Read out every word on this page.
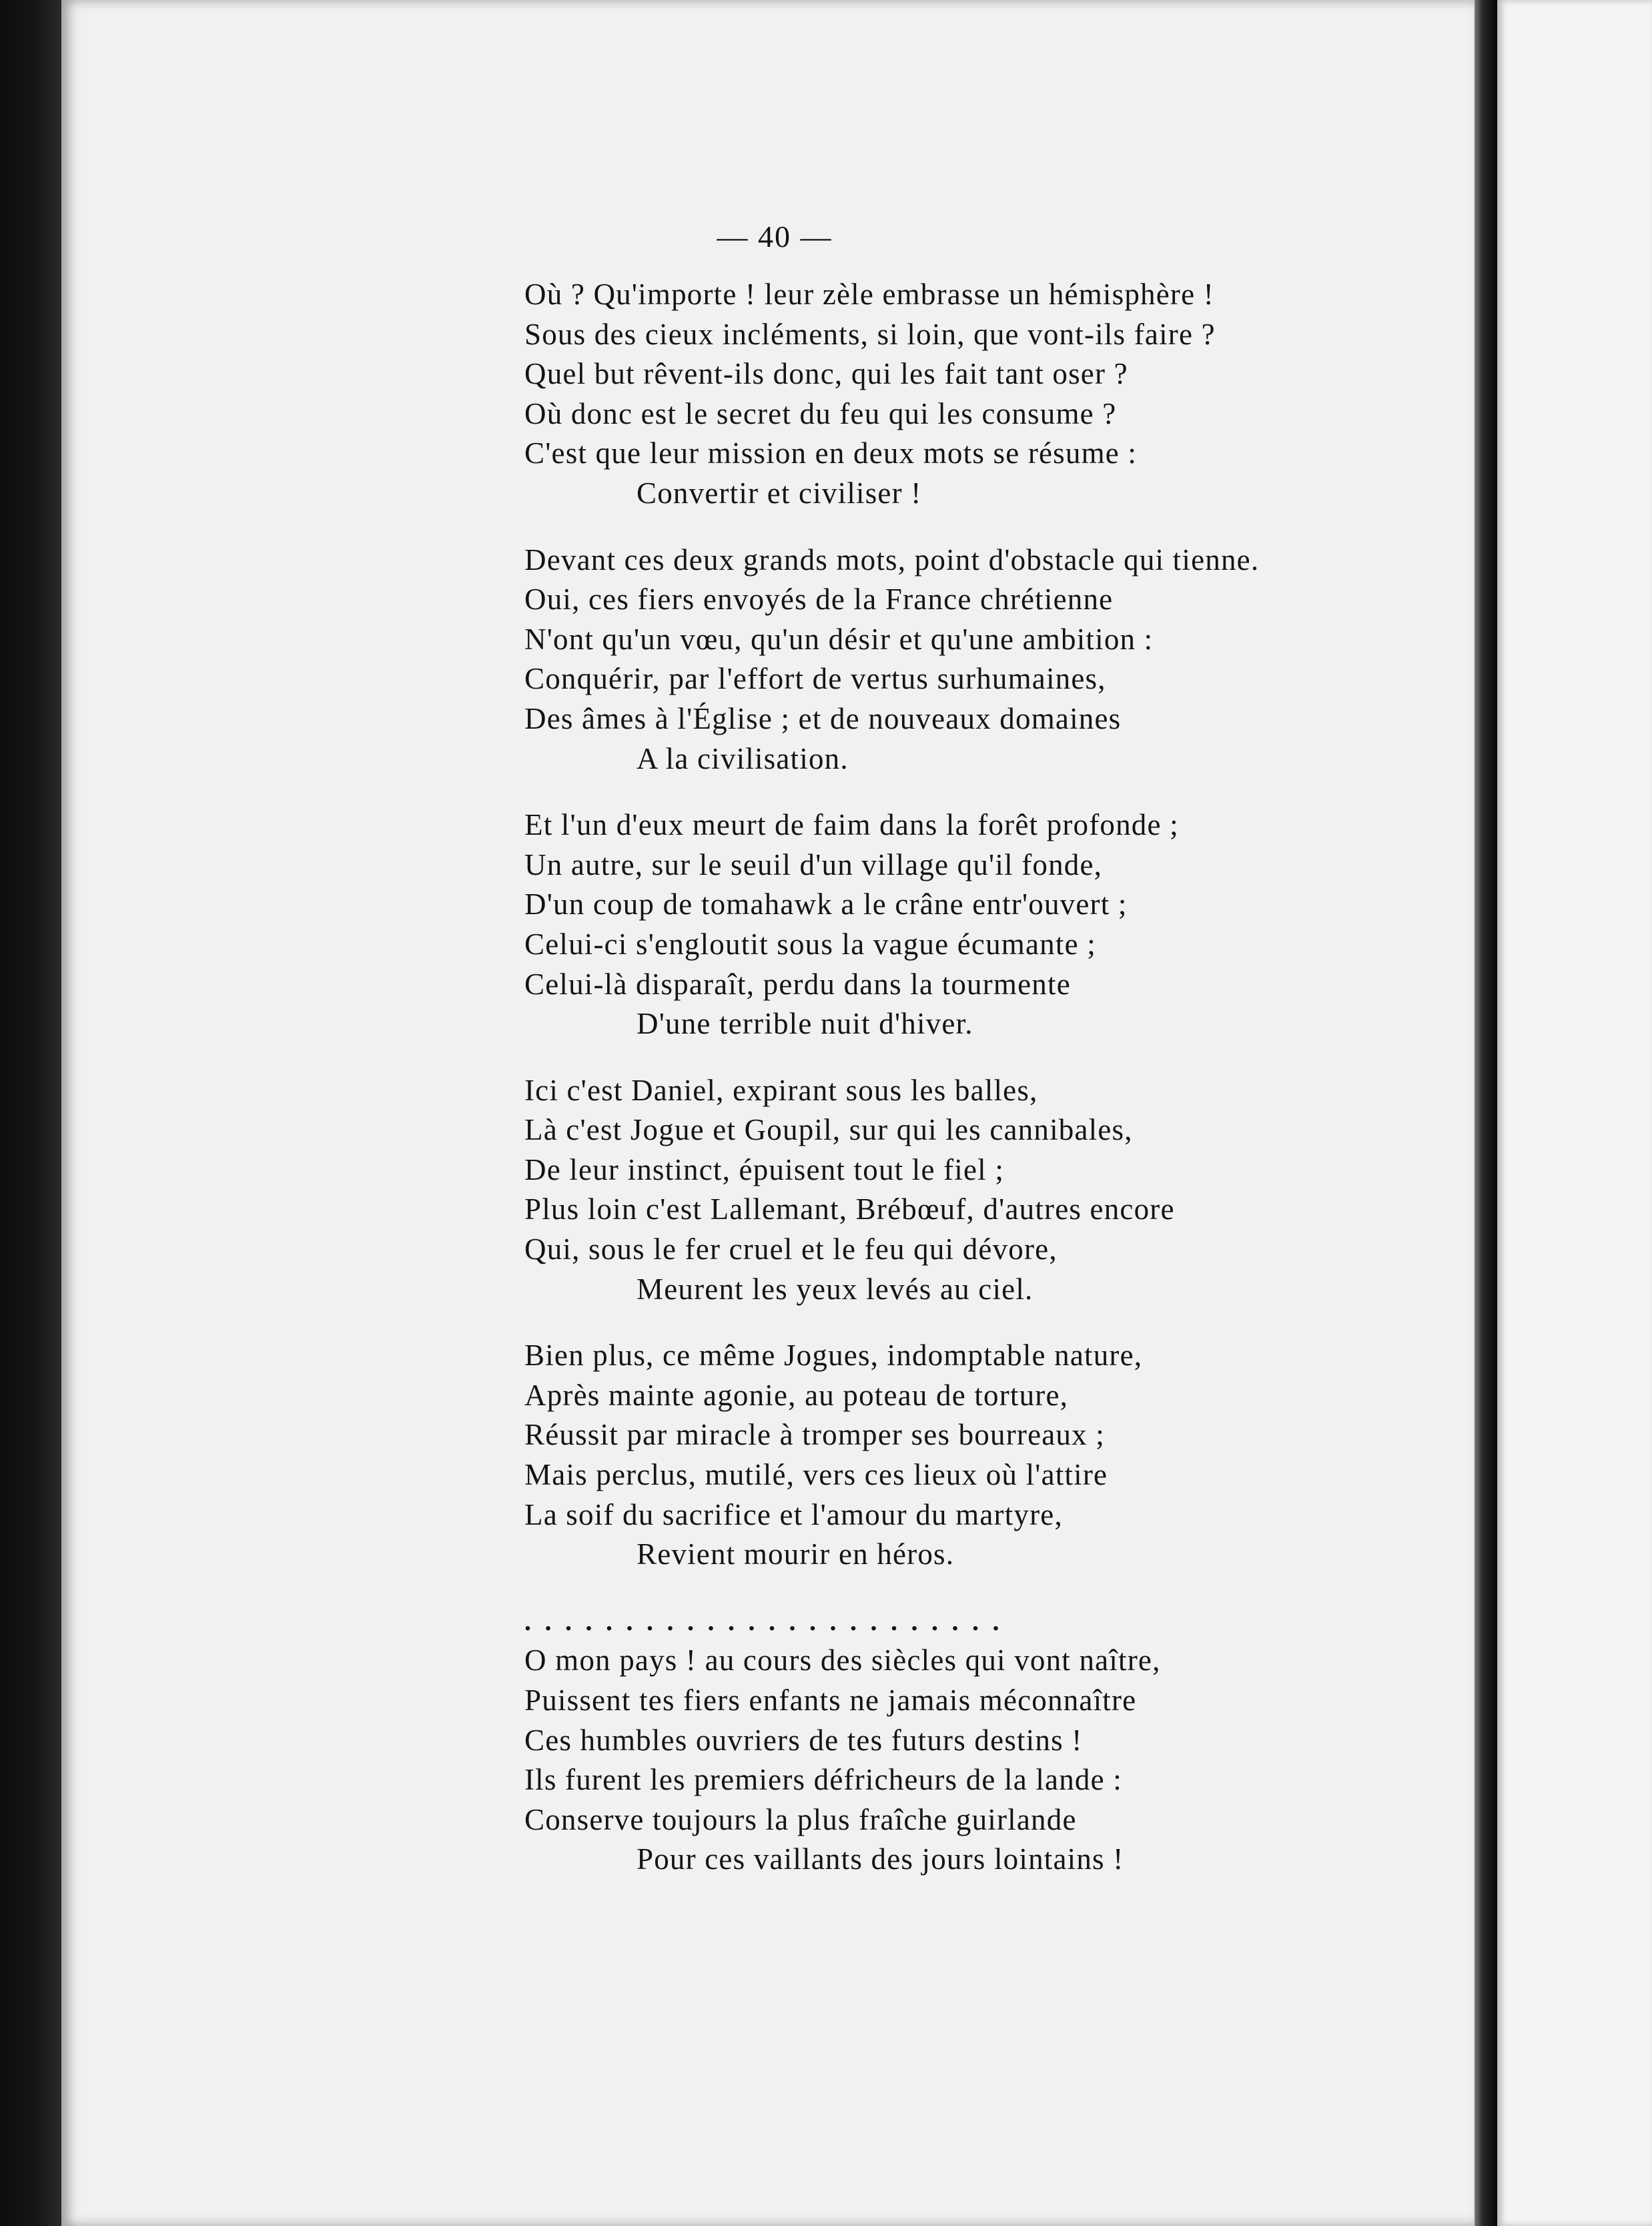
— 40 —
Où ? Qu'importe ! leur zèle embrasse un hémisphère !
Sous des cieux incléments, si loin, que vont-ils faire ?
Quel but rêvent-ils donc, qui les fait tant oser ?
Où donc est le secret du feu qui les consume ?
C'est que leur mission en deux mots se résume :
Convertir et civiliser !
Devant ces deux grands mots, point d'obstacle qui tienne.
Oui, ces fiers envoyés de la France chrétienne
N'ont qu'un vœu, qu'un désir et qu'une ambition :
Conquérir, par l'effort de vertus surhumaines,
Des âmes à l'Église ; et de nouveaux domaines
A la civilisation.
Et l'un d'eux meurt de faim dans la forêt profonde ;
Un autre, sur le seuil d'un village qu'il fonde,
D'un coup de tomahawk a le crâne entr'ouvert ;
Celui-ci s'engloutit sous la vague écumante ;
Celui-là disparaît, perdu dans la tourmente
D'une terrible nuit d'hiver.
Ici c'est Daniel, expirant sous les balles,
Là c'est Jogue et Goupil, sur qui les cannibales,
De leur instinct, épuisent tout le fiel ;
Plus loin c'est Lallemant, Brébœuf, d'autres encore
Qui, sous le fer cruel et le feu qui dévore,
Meurent les yeux levés au ciel.
Bien plus, ce même Jogues, indomptable nature,
Après mainte agonie, au poteau de torture,
Réussit par miracle à tromper ses bourreaux ;
Mais perclus, mutilé, vers ces lieux où l'attire
La soif du sacrifice et l'amour du martyre,
Revient mourir en héros.
........................
O mon pays ! au cours des siècles qui vont naître,
Puissent tes fiers enfants ne jamais méconnaître
Ces humbles ouvriers de tes futurs destins !
Ils furent les premiers défricheurs de la lande :
Conserve toujours la plus fraîche guirlande
Pour ces vaillants des jours lointains !
